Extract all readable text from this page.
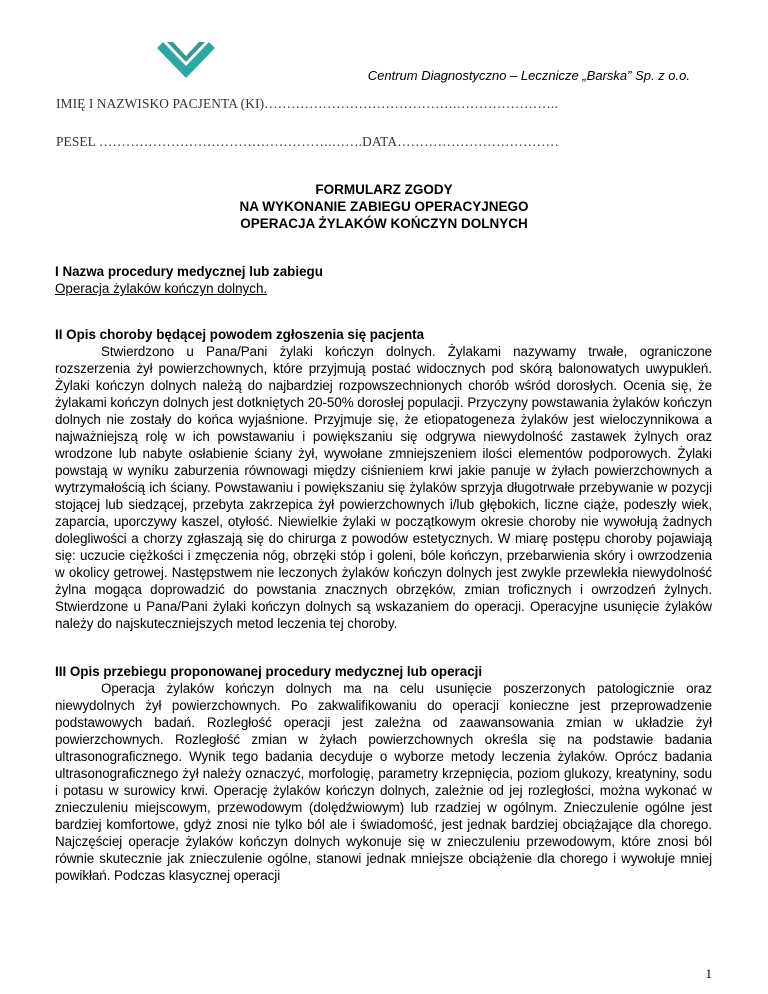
Centrum Diagnostyczno – Lecznicze „Barska” Sp. z o.o.
IMIĘ I NAZWISKO PACJENTA (KI)…………………………………….…………………..
PESEL …………………………………………….…….DATA………………………………
FORMULARZ ZGODY
NA WYKONANIE ZABIEGU OPERACYJNEGO
OPERACJA ŻYLAKÓW KOŃCZYN DOLNYCH
I Nazwa procedury medycznej lub zabiegu
Operacja żylaków kończyn dolnych.
II Opis choroby będącej powodem zgłoszenia się pacjenta

Stwierdzono u Pana/Pani żylaki kończyn dolnych. Żylakami nazywamy trwałe, ograniczone rozszerzenia żył powierzchownych, które przyjmują postać widocznych pod skórą balonowatych uwypukleń. Żylaki kończyn dolnych należą do najbardziej rozpowszechnionych chorób wśród dorosłych. Ocenia się, że żylakami kończyn dolnych jest dotkniętych 20-50% dorosłej populacji. Przyczyny powstawania żylaków kończyn dolnych nie zostały do końca wyjaśnione. Przyjmuje się, że etiopatogeneza żylaków jest wieloczynnikowa a najważniejszą rolę w ich powstawaniu i powiększaniu się odgrywa niewydolność zastawek żylnych oraz wrodzone lub nabyte osłabienie ściany żył, wywołane zmniejszeniem ilości elementów podporowych. Żylaki powstają w wyniku zaburzenia równowagi między ciśnieniem krwi jakie panuje w żyłach powierzchownych a wytrzymałością ich ściany. Powstawaniu i powiększaniu się żylaków sprzyja długotrwałe przebywanie w pozycji stojącej lub siedzącej, przebyta zakrzepica żył powierzchownych i/lub głębokich, liczne ciąże, podeszły wiek, zaparcia, uporczywy kaszel, otyłość. Niewielkie żylaki w początkowym okresie choroby nie wywołują żadnych dolegliwości a chorzy zgłaszają się do chirurga z powodów estetycznych. W miarę postępu choroby pojawiają się: uczucie ciężkości i zmęczenia nóg, obrzęki stóp i goleni, bóle kończyn, przebarwienia skóry i owrzodzenia w okolicy getrowej. Następstwem nie leczonych żylaków kończyn dolnych jest zwykle przewlekła niewydolność żylna mogąca doprowadzić do powstania znacznych obrzęków, zmian troficznych i owrzodzeń żylnych. Stwierdzone u Pana/Pani żylaki kończyn dolnych są wskazaniem do operacji. Operacyjne usunięcie żylaków należy do najskuteczniejszych metod leczenia tej choroby.

III Opis przebiegu proponowanej procedury medycznej lub operacji

Operacja żylaków kończyn dolnych ma na celu usunięcie poszerzonych patologicznie oraz niewydolnych żył powierzchownych. Po zakwalifikowaniu do operacji konieczne jest przeprowadzenie podstawowych badań. Rozległość operacji jest zależna od zaawansowania zmian w układzie żył powierzchownych. Rozległość zmian w żyłach powierzchownych określa się na podstawie badania ultrasonograficznego. Wynik tego badania decyduje o wyborze metody leczenia żylaków. Oprócz badania ultrasonograficznego żył należy oznaczyć, morfologię, parametry krzepnięcia, poziom glukozy, kreatyniny, sodu i potasu w surowicy krwi. Operację żylaków kończyn dolnych, zależnie od jej rozległości, można wykonać w znieczuleniu miejscowym, przewodowym (dolędźwiowym) lub rzadziej w ogólnym. Znieczulenie ogólne jest bardziej komfortowe, gdyż znosi nie tylko ból ale i świadomość, jest jednak bardziej obciążające dla chorego. Najczęściej operacje żylaków kończyn dolnych wykonuje się w znieczuleniu przewodowym, które znosi ból równie skutecznie jak znieczulenie ogólne, stanowi jednak mniejsze obciążenie dla chorego i wywołuje mniej powikłań. Podczas klasycznej operacji

1
